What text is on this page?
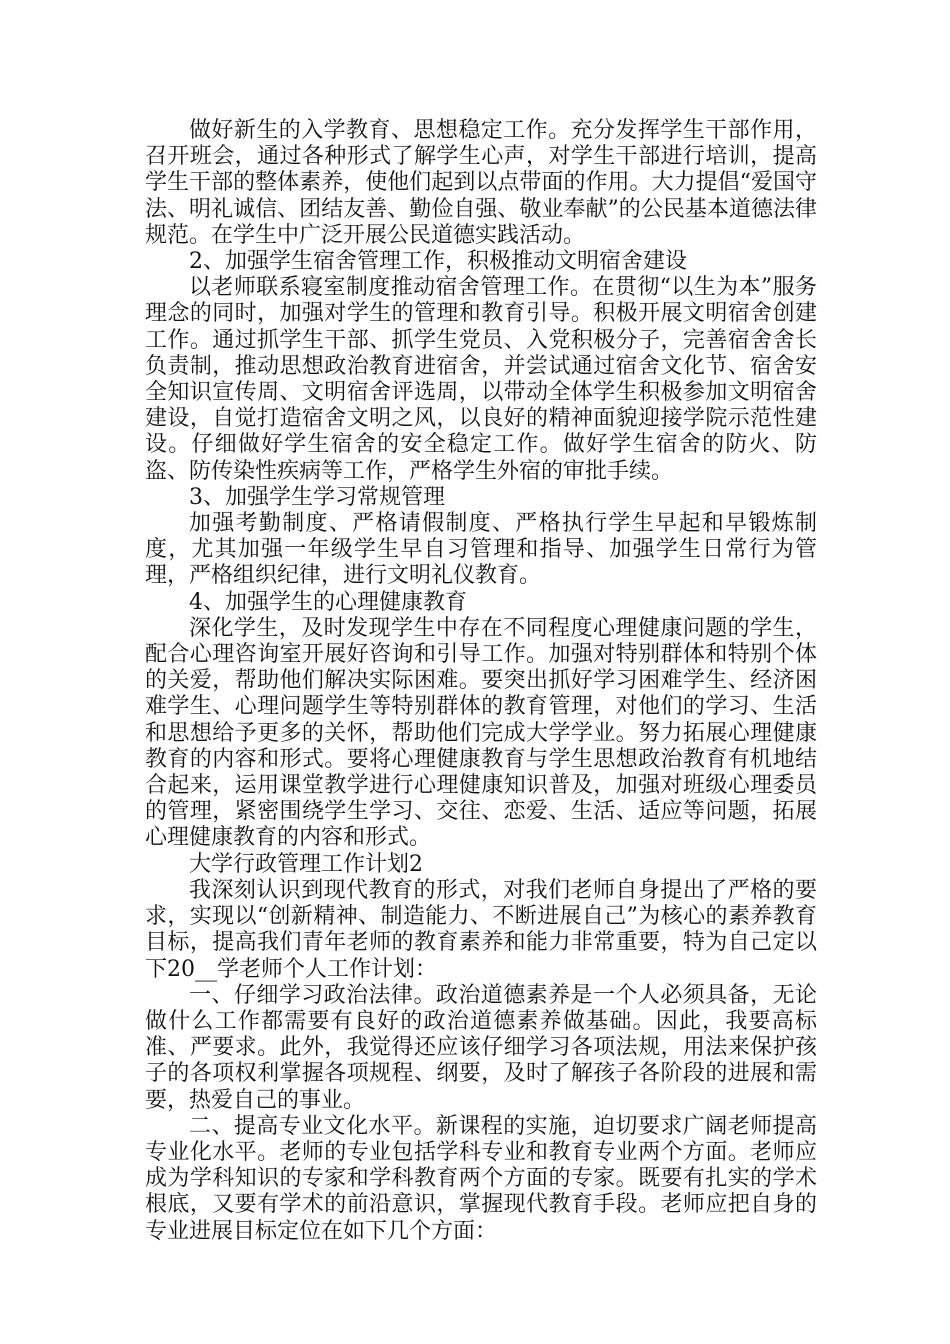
做好新生的入学教育、思想稳定工作。充分发挥学生干部作用，召开班会，通过各种形式了解学生心声，对学生干部进行培训，提高学生干部的整体素养，使他们起到以点带面的作用。大力提倡“爱国守法、明礼诚信、团结友善、勤俭自强、敬业奉献”的公民基本道德法律规范。在学生中广泛开展公民道德实践活动。

2、加强学生宿舍管理工作，积极推动文明宿舍建设

以老师联系寝室制度推动宿舍管理工作。在贯彻“以生为本”服务理念的同时，加强对学生的管理和教育引导。积极开展文明宿舍创建工作。通过抓学生干部、抓学生党员、入党积极分子，完善宿舍舍长负责制，推动思想政治教育进宿舍，并尝试通过宿舍文化节、宿舍安全知识宣传周、文明宿舍评选周，以带动全体学生积极参加文明宿舍建设，自觉打造宿舍文明之风，以良好的精神面貌迎接学院示范性建设。仔细做好学生宿舍的安全稳定工作。做好学生宿舍的防火、防盗、防传染性疾病等工作，严格学生外宿的审批手续。

3、加强学生学习常规管理

加强考勤制度、严格请假制度、严格执行学生早起和早锻炼制度，尤其加强一年级学生早自习管理和指导、加强学生日常行为管理，严格组织纪律，进行文明礼仪教育。

4、加强学生的心理健康教育

深化学生，及时发现学生中存在不同程度心理健康问题的学生，配合心理咨询室开展好咨询和引导工作。加强对特别群体和特别个体的关爱，帮助他们解决实际困难。要突出抓好学习困难学生、经济困难学生、心理问题学生等特别群体的教育管理，对他们的学习、生活和思想给予更多的关怀，帮助他们完成大学学业。努力拓展心理健康教育的内容和形式。要将心理健康教育与学生思想政治教育有机地结合起来，运用课堂教学进行心理健康知识普及，加强对班级心理委员的管理，紧密围绕学生学习、交往、恋爱、生活、适应等问题，拓展心理健康教育的内容和形式。

大学行政管理工作计划2

我深刻认识到现代教育的形式，对我们老师自身提出了严格的要求，实现以“创新精神、制造能力、不断进展自己”为核心的素养教育目标，提高我们青年老师的教育素养和能力非常重要，特为自己定以下20__学老师个人工作计划：

一、仔细学习政治法律。政治道德素养是一个人必须具备，无论做什么工作都需要有良好的政治道德素养做基础。因此，我要高标准、严要求。此外，我觉得还应该仔细学习各项法规，用法来保护孩子的各项权利掌握各项规程、纲要，及时了解孩子各阶段的进展和需要，热爱自己的事业。

二、提高专业文化水平。新课程的实施，迫切要求广阔老师提高专业化水平。老师的专业包括学科专业和教育专业两个方面。老师应成为学科知识的专家和学科教育两个方面的专家。既要有扎实的学术根底，又要有学术的前沿意识，掌握现代教育手段。老师应把自身的专业进展目标定位在如下几个方面：
